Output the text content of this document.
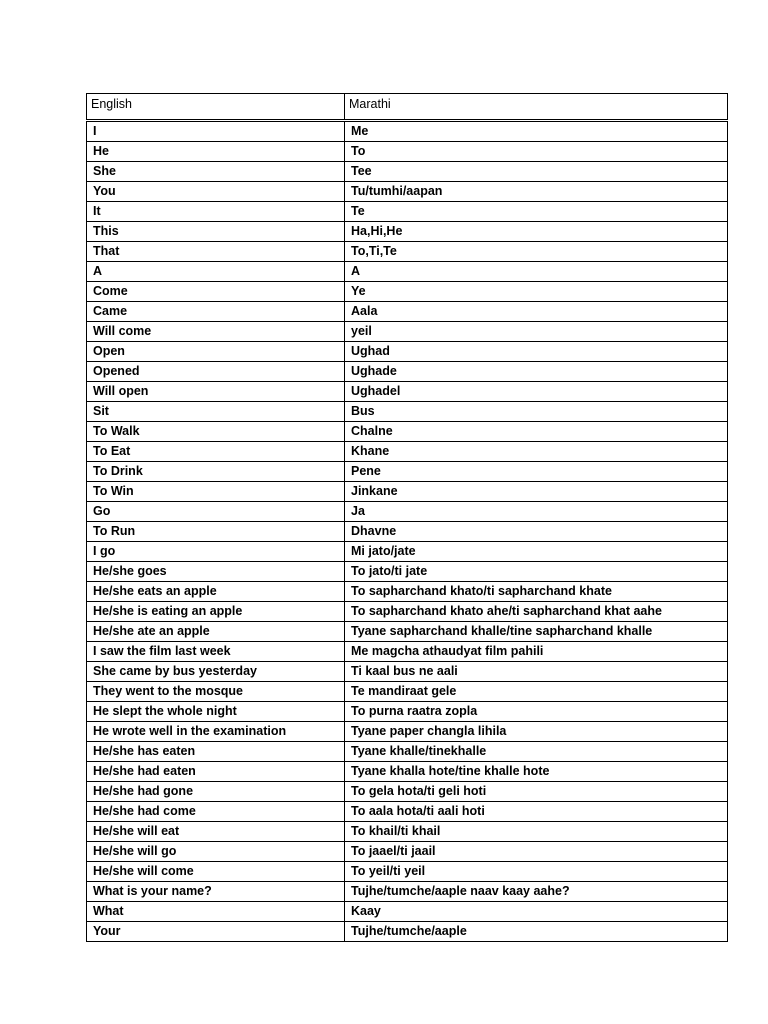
English	Marathi
I	Me
He	To
She	Tee
You	Tu/tumhi/aapan
It	Te
This	Ha,Hi,He
That	To,Ti,Te
A	A
Come	Ye
Came	Aala
Will come	yeil
Open	Ughad
Opened	Ughade
Will open	Ughadel
Sit	Bus
To Walk	Chalne
To Eat	Khane
To Drink	Pene
To Win	Jinkane
Go	Ja
To Run	Dhavne
I go	Mi jato/jate
He/she goes	To jato/ti jate
He/she eats an apple	To sapharchand khato/ti sapharchand khate
He/she is eating an apple	To sapharchand khato ahe/ti sapharchand khat aahe
He/she ate an apple	Tyane sapharchand khalle/tine sapharchand khalle
I saw the film last week	Me magcha athaudyat film pahili
She came by bus yesterday	Ti kaal bus ne aali
They went to the mosque	Te mandiraat gele
He slept the whole night	To purna raatra zopla
He wrote well in the examination	Tyane paper changla lihila
He/she has eaten	Tyane khalle/tinekhalle
He/she had eaten	Tyane khalla hote/tine khalle hote
He/she had gone	To gela hota/ti geli hoti
He/she had come	To aala hota/ti aali hoti
He/she will eat	To khail/ti khail
He/she will go	To jaael/ti jaail
He/she will come	To yeil/ti yeil
What is your name?	Tujhe/tumche/aaple naav kaay aahe?
What	Kaay
Your	Tujhe/tumche/aaple
